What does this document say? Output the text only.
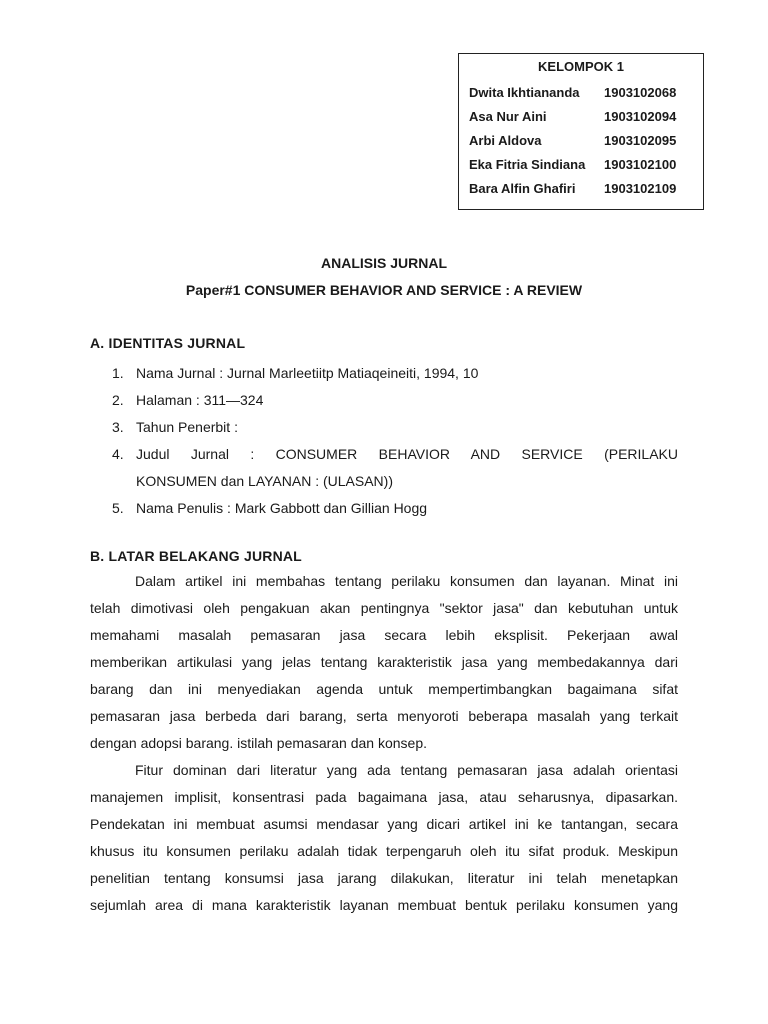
KELOMPOK 1
Dwita Ikhtiananda 1903102068
Asa Nur Aini	1903102094
Arbi Aldova	1903102095
Eka Fitria Sindiana 1903102100
Bara Alfin Ghafiri 1903102109
ANALISIS JURNAL
Paper#1 CONSUMER BEHAVIOR AND SERVICE : A REVIEW
A. IDENTITAS JURNAL
1. Nama Jurnal : Jurnal Marleetiitp Matiaqeineiti, 1994, 10
2. Halaman : 311—324
3. Tahun Penerbit :
4. Judul Jurnal : CONSUMER BEHAVIOR AND SERVICE (PERILAKU
KONSUMEN dan LAYANAN : (ULASAN))
5. Nama Penulis : Mark Gabbott dan Gillian Hogg
B. LATAR BELAKANG JURNAL
Dalam artikel ini membahas tentang perilaku konsumen dan layanan. Minat ini
telah dimotivasi oleh pengakuan akan pentingnya "sektor jasa" dan kebutuhan untuk
memahami masalah pemasaran jasa secara lebih eksplisit. Pekerjaan awal
memberikan artikulasi yang jelas tentang karakteristik jasa yang membedakannya dari
barang dan ini menyediakan agenda untuk mempertimbangkan bagaimana sifat
pemasaran jasa berbeda dari barang, serta menyoroti beberapa masalah yang terkait
dengan adopsi barang. istilah pemasaran dan konsep.
Fitur dominan dari literatur yang ada tentang pemasaran jasa adalah orientasi
manajemen implisit, konsentrasi pada bagaimana jasa, atau seharusnya, dipasarkan.
Pendekatan ini membuat asumsi mendasar yang dicari artikel ini ke tantangan, secara
khusus itu konsumen perilaku adalah tidak terpengaruh oleh itu sifat produk. Meskipun
penelitian tentang konsumsi jasa jarang dilakukan, literatur ini telah menetapkan
sejumlah area di mana karakteristik layanan membuat bentuk perilaku konsumen yang
